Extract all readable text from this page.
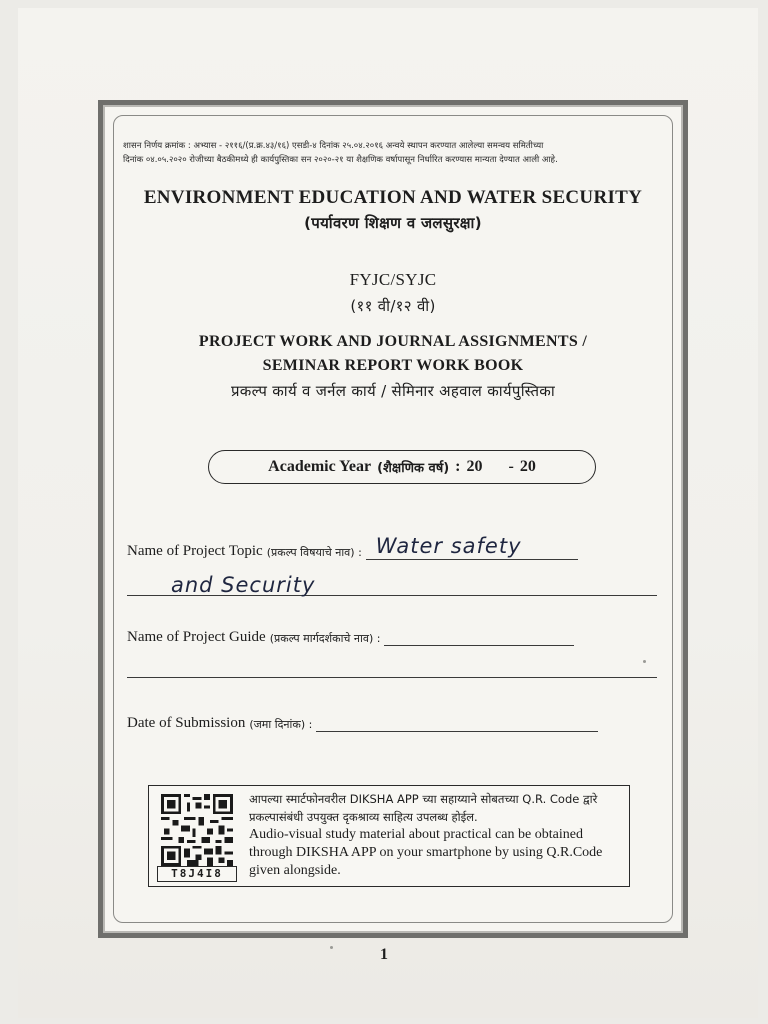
शासन निर्णय क्रमांक : अभ्यास - २११६/(प्र.क्र.४३/१६) एसडी-४ दिनांक २५.०४.२०१६ अन्वये स्थापन करण्यात आलेल्या समन्वय समितीच्या
दिनांक ०४.०५.२०२० रोजीच्या बैठकीमध्ये ही कार्यपुस्तिका सन २०२०-२१ या शैक्षणिक वर्षापासून निर्धारित करण्यास मान्यता देण्यात आली आहे.
ENVIRONMENT EDUCATION AND WATER SECURITY
(पर्यावरण शिक्षण व जलसुरक्षा)
FYJC/SYJC
(११ वी/१२ वी)
PROJECT WORK AND JOURNAL ASSIGNMENTS /
SEMINAR REPORT WORK BOOK
प्रकल्प कार्य व जर्नल कार्य / सेमिनार अहवाल कार्यपुस्तिका
Academic Year (शैक्षणिक वर्ष) : 20 - 20
Name of Project Topic (प्रकल्प विषयाचे नाव) : Water safety
and Security
Name of Project Guide (प्रकल्प मार्गदर्शकाचे नाव) :
Date of Submission (जमा दिनांक) :
T8J4I8
आपल्या स्मार्टफोनवरील DIKSHA APP च्या सहाय्याने सोबतच्या Q.R. Code द्वारे प्रकल्पासंबंधी उपयुक्त दृकश्राव्य साहित्य उपलब्ध होईल.
Audio-visual study material about practical can be obtained through DIKSHA APP on your smartphone by using Q.R.Code given alongside.
1
